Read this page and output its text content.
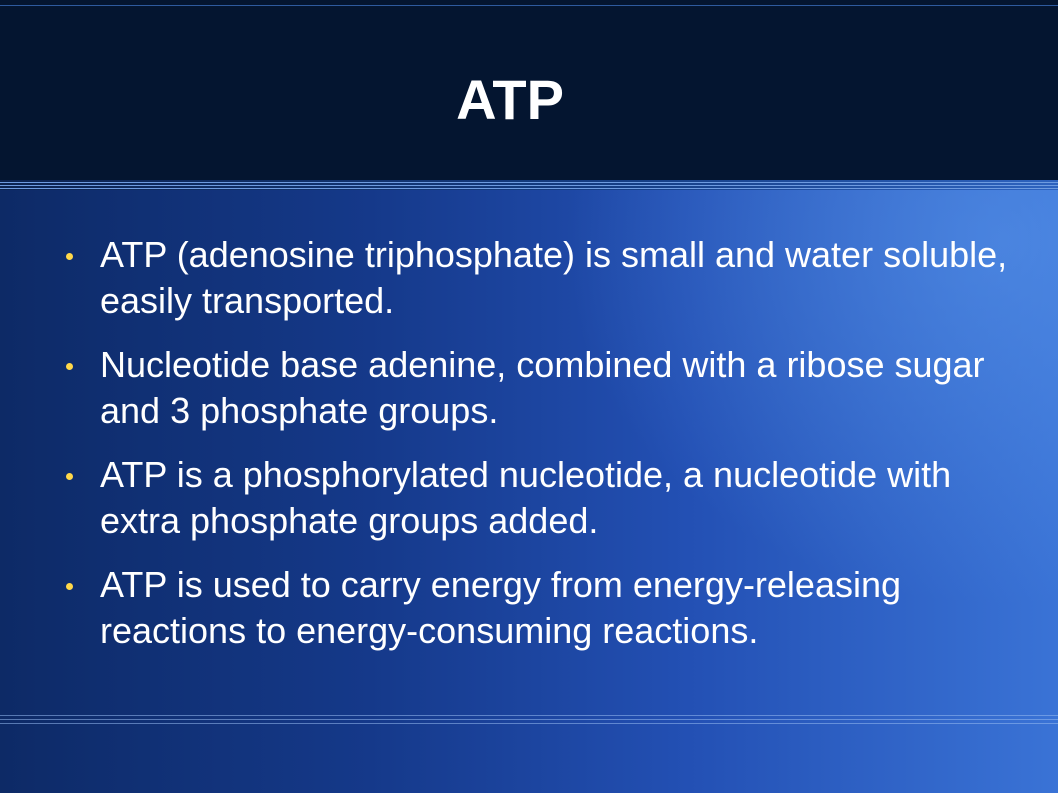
ATP
ATP (adenosine triphosphate) is small and water soluble, easily transported.
Nucleotide base adenine, combined with a ribose sugar and 3 phosphate groups.
ATP is a phosphorylated nucleotide, a nucleotide with extra phosphate groups added.
ATP is used to carry energy from energy-releasing reactions to energy-consuming reactions.
